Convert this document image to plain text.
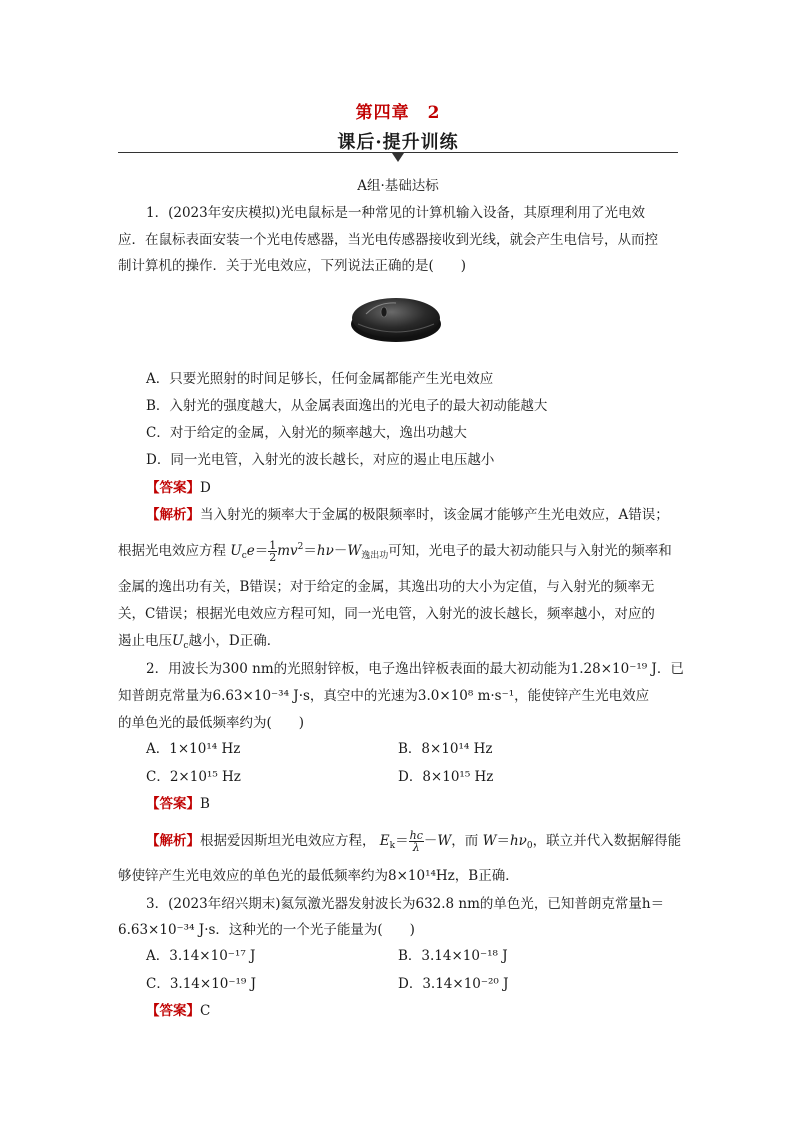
第四章　2
课后·提升训练
A组·基础达标
1．(2023年安庆模拟)光电鼠标是一种常见的计算机输入设备，其原理利用了光电效
应．在鼠标表面安装一个光电传感器，当光电传感器接收到光线，就会产生电信号，从而控
制计算机的操作．关于光电效应，下列说法正确的是(　　)
A．只要光照射的时间足够长，任何金属都能产生光电效应
B．入射光的强度越大，从金属表面逸出的光电子的最大初动能越大
C．对于给定的金属，入射光的频率越大，逸出功越大
D．同一光电管，入射光的波长越长，对应的遏止电压越小
【答案】D
【解析】当入射光的频率大于金属的极限频率时，该金属才能够产生光电效应，A错误；
根据光电效应方程 $U_ce= \frac{1}{2} mv^2=h\nu-W_{逸出功}$可知，光电子的最大初动能只与入射光的频率和
金属的逸出功有关，B错误；对于给定的金属，其逸出功的大小为定值，与入射光的频率无
关，C错误；根据光电效应方程可知，同一光电管，入射光的波长越长，频率越小，对应的
遏止电压$U_c$越小，D正确．
2．用波长为300 nm的光照射锌板，电子逸出锌板表面的最大初动能为1.28×10⁻¹⁹ J．已
知普朗克常量为6.63×10⁻³⁴ J·s，真空中的光速为3.0×10⁸ m·s⁻¹，能使锌产生光电效应
的单色光的最低频率约为(　　)
A．1×10¹⁴ Hz	B．8×10¹⁴ Hz
C．2×10¹⁵ Hz	D．8×10¹⁵ Hz
【答案】B
【解析】根据爱因斯坦光电效应方程， $E_k= \frac{hc}{\lambda} -W$，而 $W=h\nu_0$，联立并代入数据解得能
够使锌产生光电效应的单色光的最低频率约为8×10¹⁴Hz，B正确．
3．(2023年绍兴期末)氦氖激光器发射波长为632.8 nm的单色光，已知普朗克常量h＝
6.63×10⁻³⁴ J·s．这种光的一个光子能量为(　　)
A．3.14×10⁻¹⁷ J	B．3.14×10⁻¹⁸ J
C．3.14×10⁻¹⁹ J	D．3.14×10⁻²⁰ J
【答案】C
